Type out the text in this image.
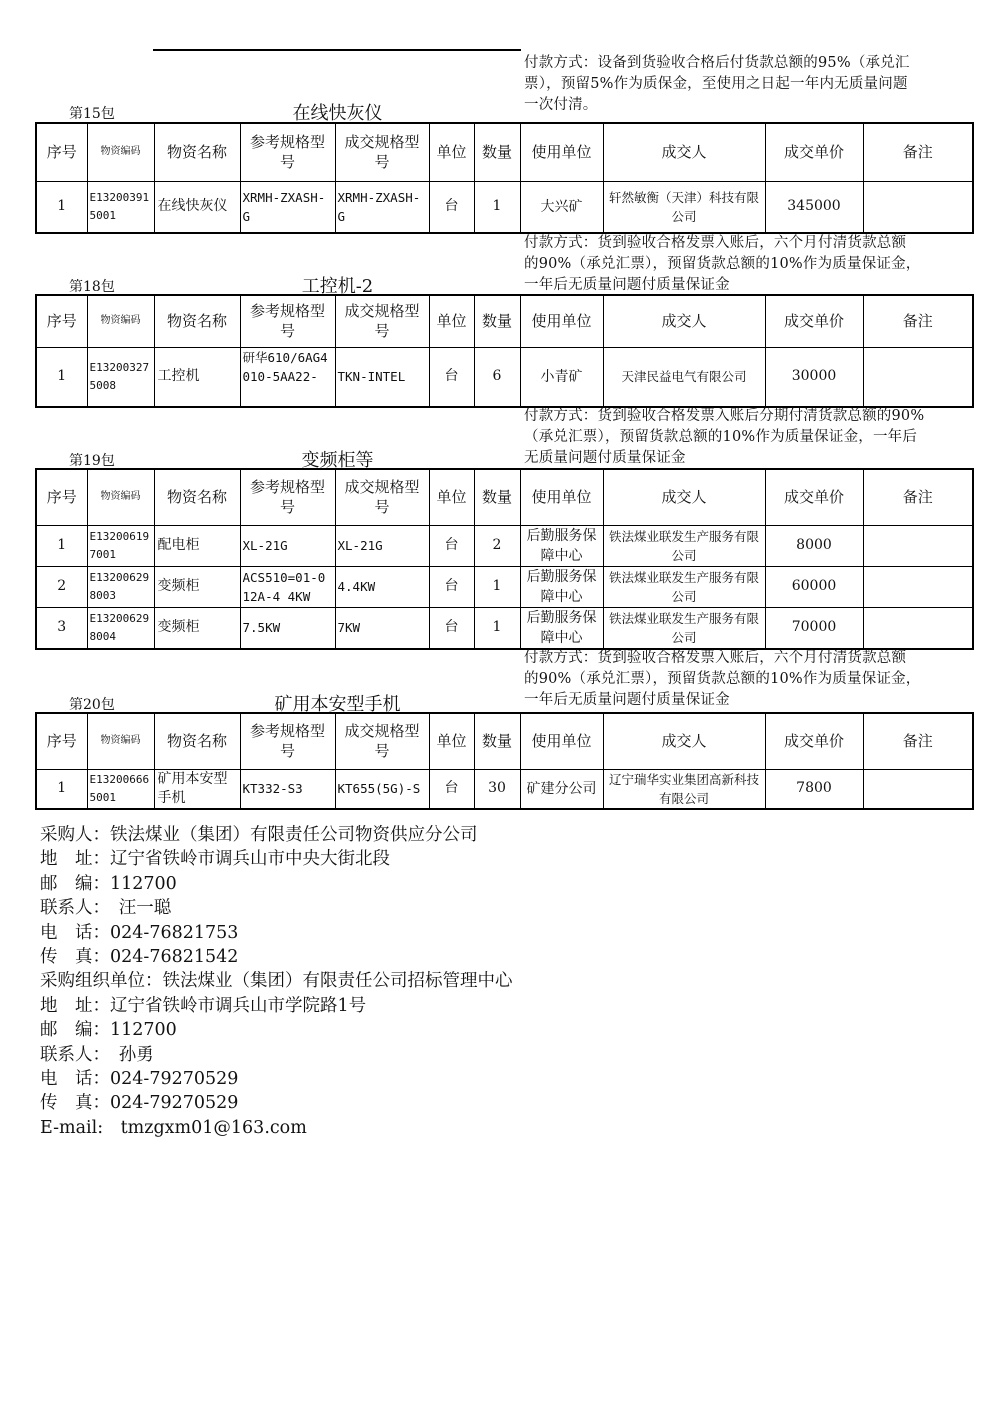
付款方式：设备到货验收合格后付货款总额的95%（承兑汇
票），预留5%作为质保金，至使用之日起一年内无质量问题
一次付清。
第15包	在线快灰仪
序号	物资编码	物资名称	参考规格型号	成交规格型号	单位	数量	使用单位	成交人	成交单价	备注
1	E132003915001	在线快灰仪	XRMH-ZXASH-G	XRMH-ZXASH-G	台	1	大兴矿	轩然敏衡（天津）科技有限公司	345000	
付款方式：货到验收合格发票入账后，六个月付清货款总额
的90%（承兑汇票），预留货款总额的10%作为质量保证金，
一年后无质量问题付质量保证金
第18包	工控机-2
序号	物资编码	物资名称	参考规格型号	成交规格型号	单位	数量	使用单位	成交人	成交单价	备注
1	E132003275008	工控机	研华610/6AG4010-5AA22-	TKN-INTEL	台	6	小青矿	天津民益电气有限公司	30000	
付款方式：货到验收合格发票入账后分期付清货款总额的90%
（承兑汇票），预留货款总额的10%作为质量保证金，一年后
无质量问题付质量保证金
第19包	变频柜等
序号	物资编码	物资名称	参考规格型号	成交规格型号	单位	数量	使用单位	成交人	成交单价	备注
1	E132006197001	配电柜	XL-21G	XL-21G	台	2	后勤服务保障中心	铁法煤业联发生产服务有限公司	8000	
2	E132006298003	变频柜	ACS510=01-012A-4 4KW	4.4KW	台	1	后勤服务保障中心	铁法煤业联发生产服务有限公司	60000	
3	E132006298004	变频柜	7.5KW	7KW	台	1	后勤服务保障中心	铁法煤业联发生产服务有限公司	70000	
付款方式：货到验收合格发票入账后，六个月付清货款总额
的90%（承兑汇票），预留货款总额的10%作为质量保证金，
一年后无质量问题付质量保证金
第20包	矿用本安型手机
序号	物资编码	物资名称	参考规格型号	成交规格型号	单位	数量	使用单位	成交人	成交单价	备注
1	E132006665001	矿用本安型手机	KT332-S3	KT655(5G)-S	台	30	矿建分公司	辽宁瑞华实业集团高新科技有限公司	7800	
采购人：铁法煤业（集团）有限责任公司物资供应分公司
地　址：辽宁省铁岭市调兵山市中央大街北段
邮　编：112700
联系人：　汪一聪
电　话：024-76821753
传　真：024-76821542
采购组织单位：铁法煤业（集团）有限责任公司招标管理中心
地　址：辽宁省铁岭市调兵山市学院路1号
邮　编：112700
联系人：　孙勇
电　话：024-79270529
传　真：024-79270529
E-mail:　tmzgxm01@163.com
